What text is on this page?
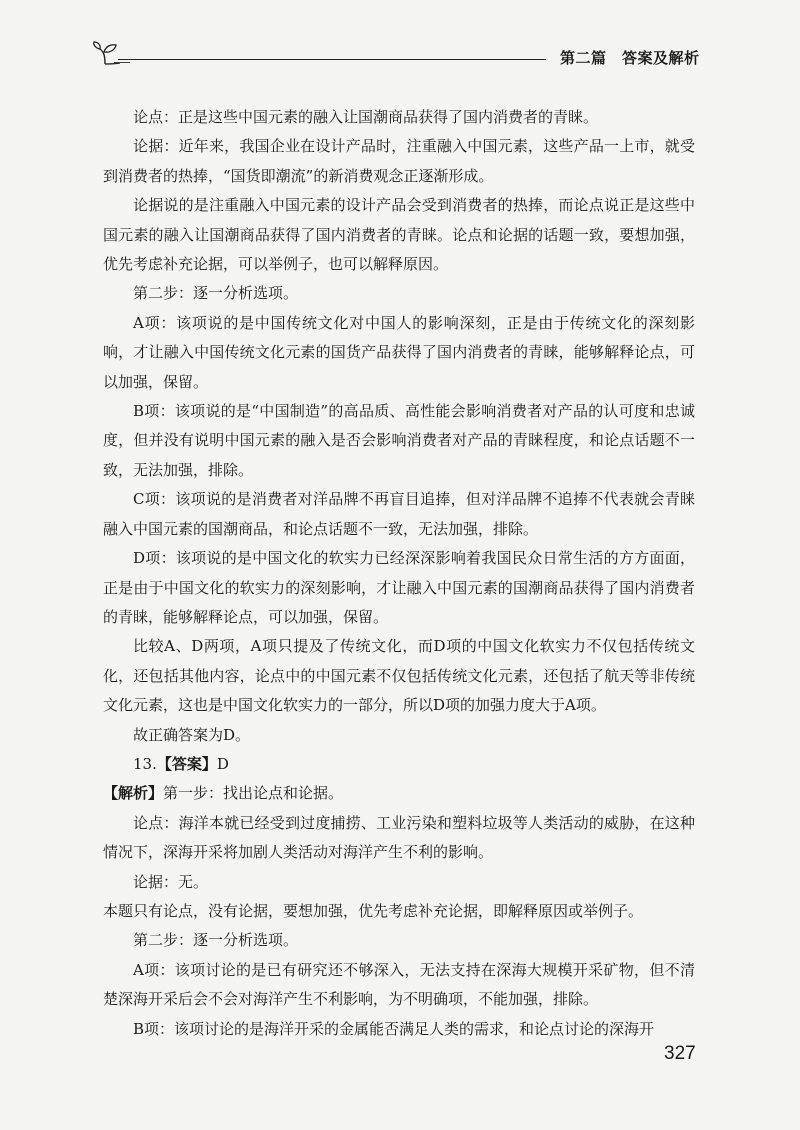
第二篇　答案及解析

论点：正是这些中国元素的融入让国潮商品获得了国内消费者的青睐。

论据：近年来，我国企业在设计产品时，注重融入中国元素，这些产品一上市，就受到消费者的热捧，“国货即潮流”的新消费观念正逐渐形成。

论据说的是注重融入中国元素的设计产品会受到消费者的热捧，而论点说正是这些中国元素的融入让国潮商品获得了国内消费者的青睐。论点和论据的话题一致，要想加强，优先考虑补充论据，可以举例子，也可以解释原因。

第二步：逐一分析选项。

A项：该项说的是中国传统文化对中国人的影响深刻，正是由于传统文化的深刻影响，才让融入中国传统文化元素的国货产品获得了国内消费者的青睐，能够解释论点，可以加强，保留。

B项：该项说的是“中国制造”的高品质、高性能会影响消费者对产品的认可度和忠诚度，但并没有说明中国元素的融入是否会影响消费者对产品的青睐程度，和论点话题不一致，无法加强，排除。

C项：该项说的是消费者对洋品牌不再盲目追捧，但对洋品牌不追捧不代表就会青睐融入中国元素的国潮商品，和论点话题不一致，无法加强，排除。

D项：该项说的是中国文化的软实力已经深深影响着我国民众日常生活的方方面面，正是由于中国文化的软实力的深刻影响，才让融入中国元素的国潮商品获得了国内消费者的青睐，能够解释论点，可以加强，保留。

比较A、D两项，A项只提及了传统文化，而D项的中国文化软实力不仅包括传统文化，还包括其他内容，论点中的中国元素不仅包括传统文化元素，还包括了航天等非传统文化元素，这也是中国文化软实力的一部分，所以D项的加强力度大于A项。

故正确答案为D。

13.【答案】D

【解析】第一步：找出论点和论据。

论点：海洋本就已经受到过度捕捞、工业污染和塑料垃圾等人类活动的威胁，在这种情况下，深海开采将加剧人类活动对海洋产生不利的影响。

论据：无。

本题只有论点，没有论据，要想加强，优先考虑补充论据，即解释原因或举例子。

第二步：逐一分析选项。

A项：该项讨论的是已有研究还不够深入，无法支持在深海大规模开采矿物，但不清楚深海开采后会不会对海洋产生不利影响，为不明确项，不能加强，排除。

B项：该项讨论的是海洋开采的金属能否满足人类的需求，和论点讨论的深海开

327
